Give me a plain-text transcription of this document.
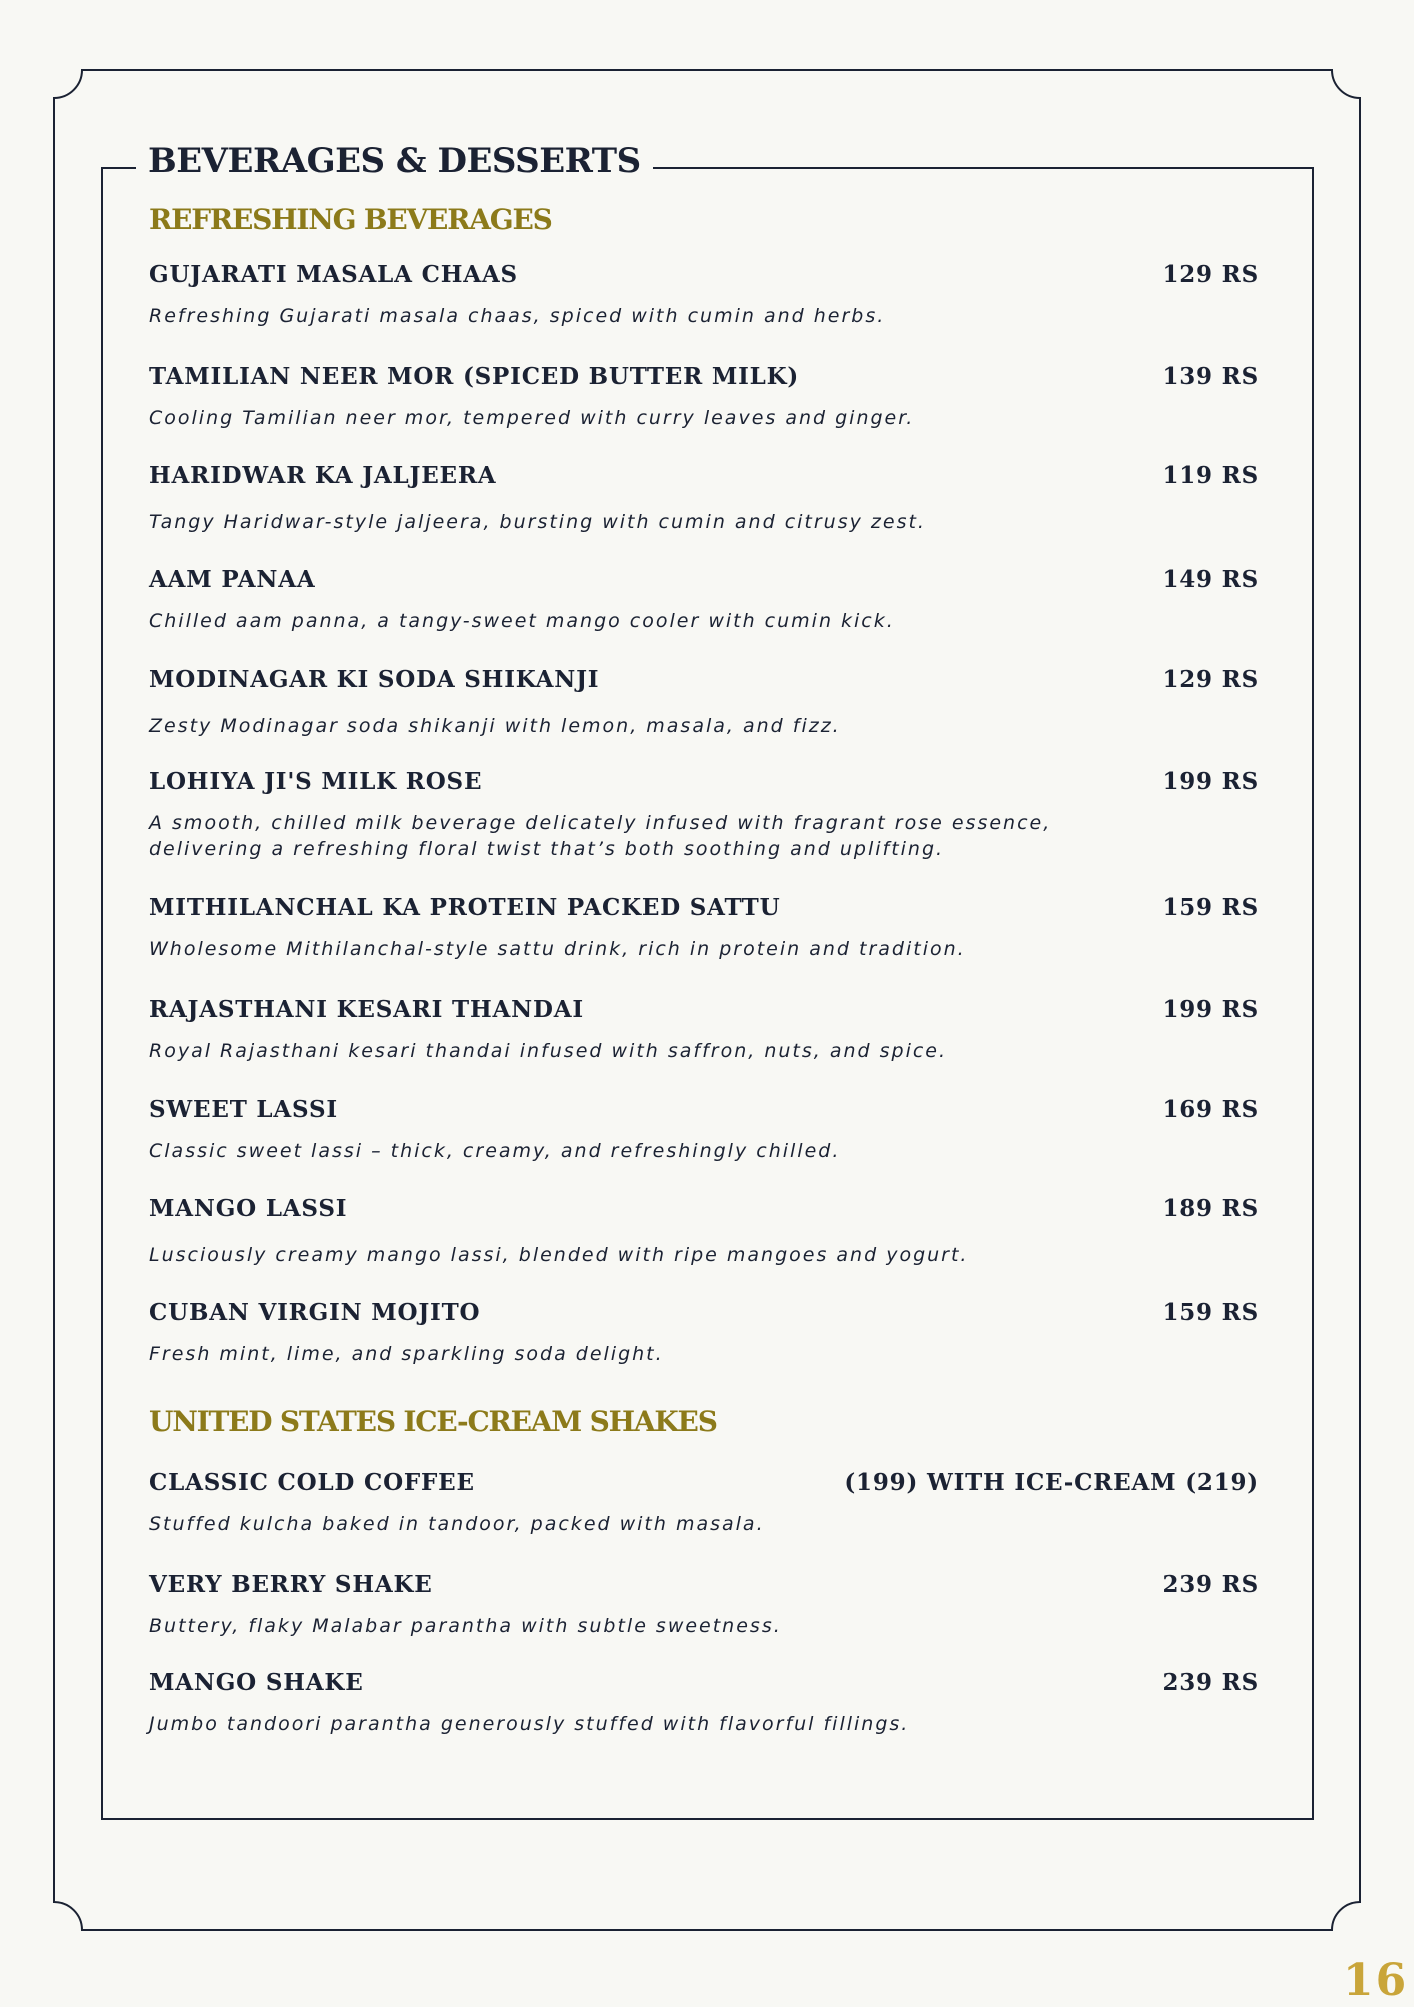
BEVERAGES & DESSERTS
REFRESHING BEVERAGES
GUJARATI MASALA CHAAS	129 RS
Refreshing Gujarati masala chaas, spiced with cumin and herbs.
TAMILIAN NEER MOR (SPICED BUTTER MILK)	139 RS
Cooling Tamilian neer mor, tempered with curry leaves and ginger.
HARIDWAR KA JALJEERA	119 RS
Tangy Haridwar-style jaljeera, bursting with cumin and citrusy zest.
AAM PANAA	149 RS
Chilled aam panna, a tangy-sweet mango cooler with cumin kick.
MODINAGAR KI SODA SHIKANJI	129 RS
Zesty Modinagar soda shikanji with lemon, masala, and fizz.
LOHIYA JI'S MILK ROSE	199 RS
A smooth, chilled milk beverage delicately infused with fragrant rose essence,
delivering a refreshing floral twist that’s both soothing and uplifting.
MITHILANCHAL KA PROTEIN PACKED SATTU	159 RS
Wholesome Mithilanchal-style sattu drink, rich in protein and tradition.
RAJASTHANI KESARI THANDAI	199 RS
Royal Rajasthani kesari thandai infused with saffron, nuts, and spice.
SWEET LASSI	169 RS
Classic sweet lassi – thick, creamy, and refreshingly chilled.
MANGO LASSI	189 RS
Lusciously creamy mango lassi, blended with ripe mangoes and yogurt.
CUBAN VIRGIN MOJITO	159 RS
Fresh mint, lime, and sparkling soda delight.
UNITED STATES ICE-CREAM SHAKES
CLASSIC COLD COFFEE	(199) WITH ICE-CREAM (219)
Stuffed kulcha baked in tandoor, packed with masala.
VERY BERRY SHAKE	239 RS
Buttery, flaky Malabar parantha with subtle sweetness.
MANGO SHAKE	239 RS
Jumbo tandoori parantha generously stuffed with flavorful fillings.
16
